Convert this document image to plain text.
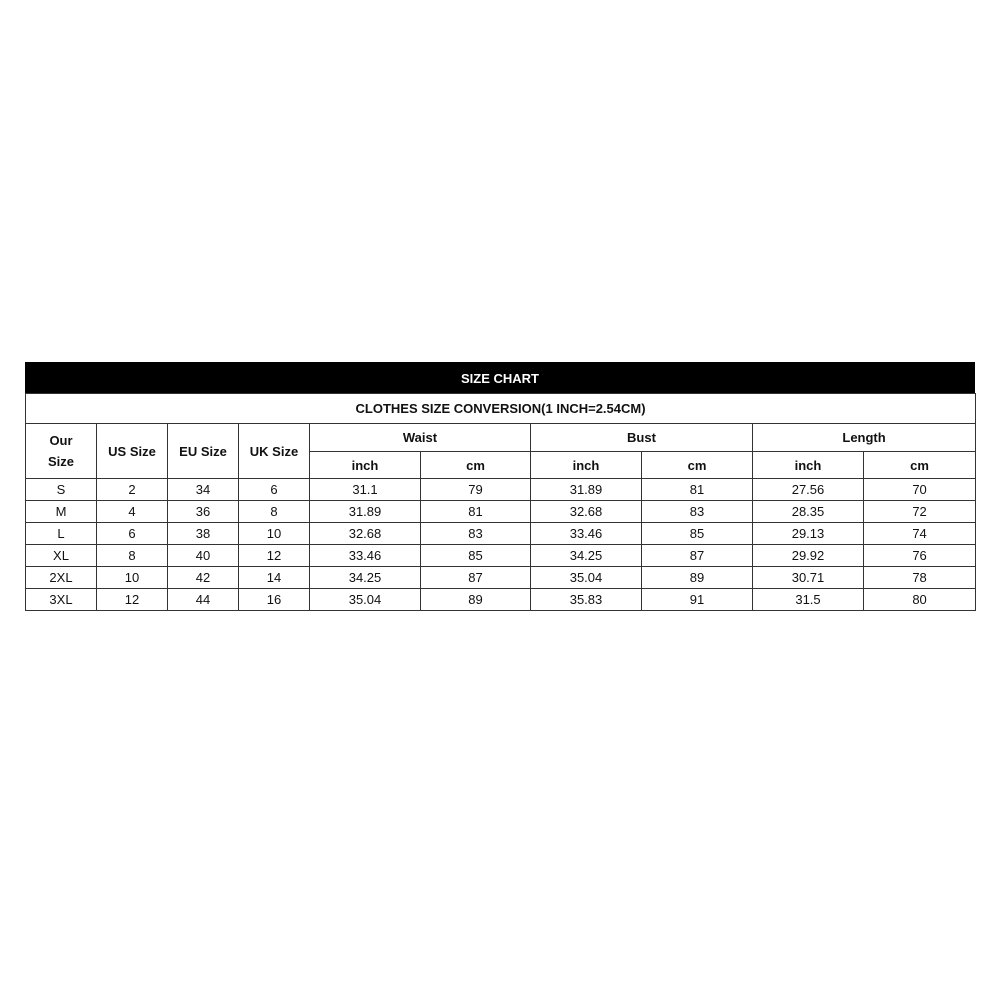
SIZE CHART
CLOTHES SIZE CONVERSION(1 INCH=2.54CM)									
Our
Size	US Size	EU Size	UK Size	Waist		Bust		Length	
				inch	cm	inch	cm	inch	cm
S	2	34	6	31.1	79	31.89	81	27.56	70
M	4	36	8	31.89	81	32.68	83	28.35	72
L	6	38	10	32.68	83	33.46	85	29.13	74
XL	8	40	12	33.46	85	34.25	87	29.92	76
2XL	10	42	14	34.25	87	35.04	89	30.71	78
3XL	12	44	16	35.04	89	35.83	91	31.5	80
